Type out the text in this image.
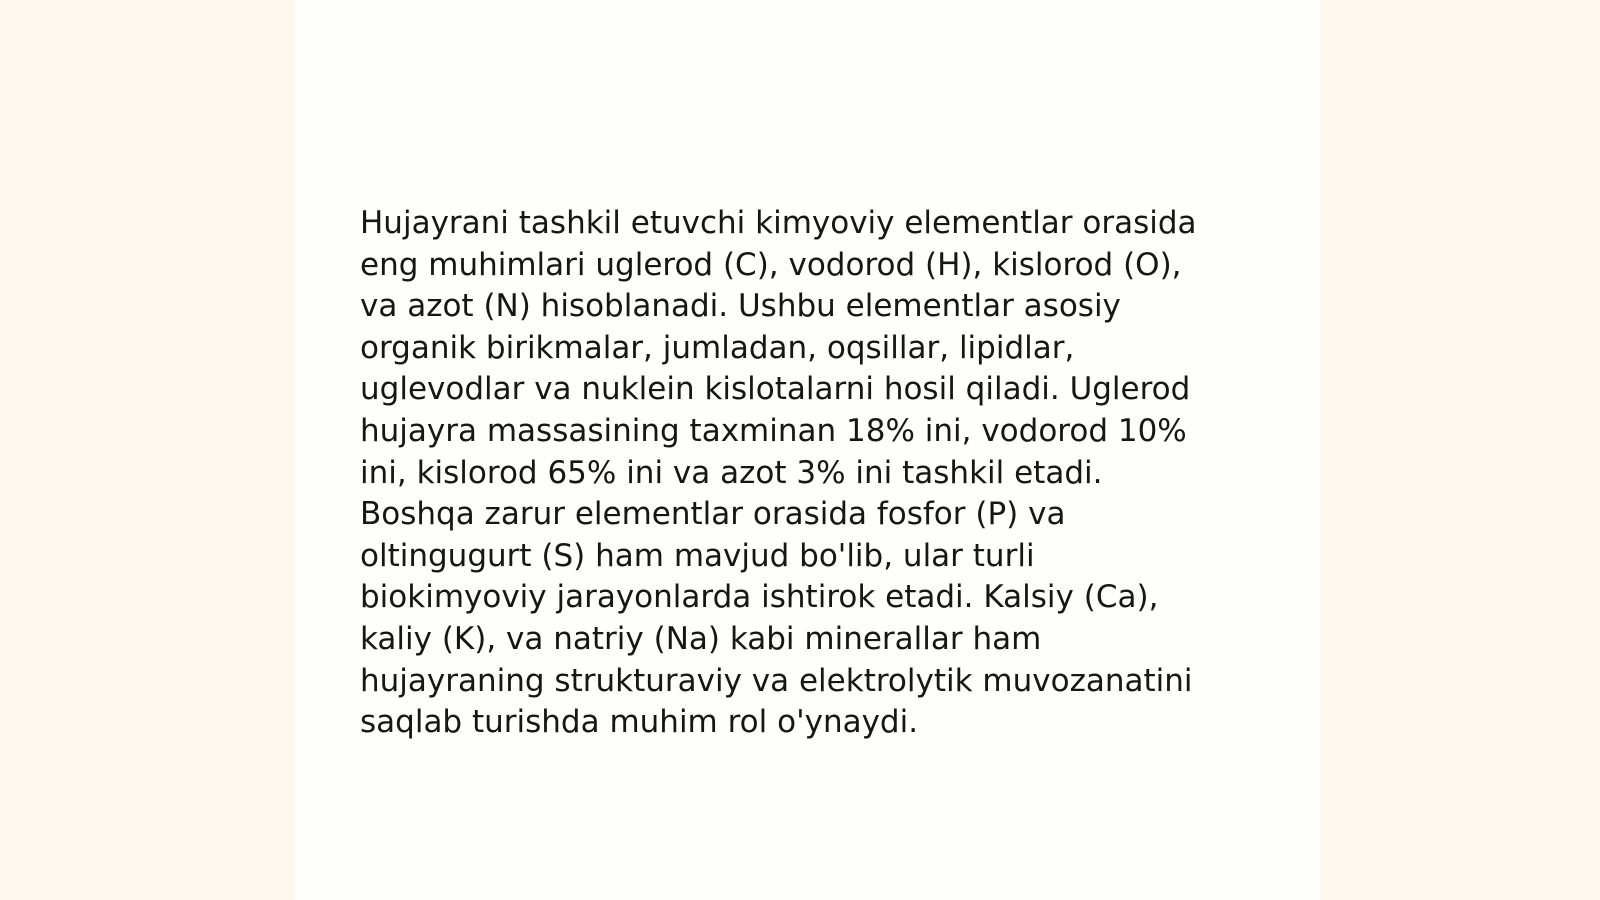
Hujayrani tashkil etuvchi kimyoviy elementlar orasida
eng muhimlari uglerod (C), vodorod (H), kislorod (O),
va azot (N) hisoblanadi. Ushbu elementlar asosiy
organik birikmalar, jumladan, oqsillar, lipidlar,
uglevodlar va nuklein kislotalarni hosil qiladi. Uglerod
hujayra massasining taxminan 18% ini, vodorod 10%
ini, kislorod 65% ini va azot 3% ini tashkil etadi.
Boshqa zarur elementlar orasida fosfor (P) va
oltingugurt (S) ham mavjud bo'lib, ular turli
biokimyoviy jarayonlarda ishtirok etadi. Kalsiy (Ca),
kaliy (K), va natriy (Na) kabi minerallar ham
hujayraning strukturaviy va elektrolytik muvozanatini
saqlab turishda muhim rol o'ynaydi.
